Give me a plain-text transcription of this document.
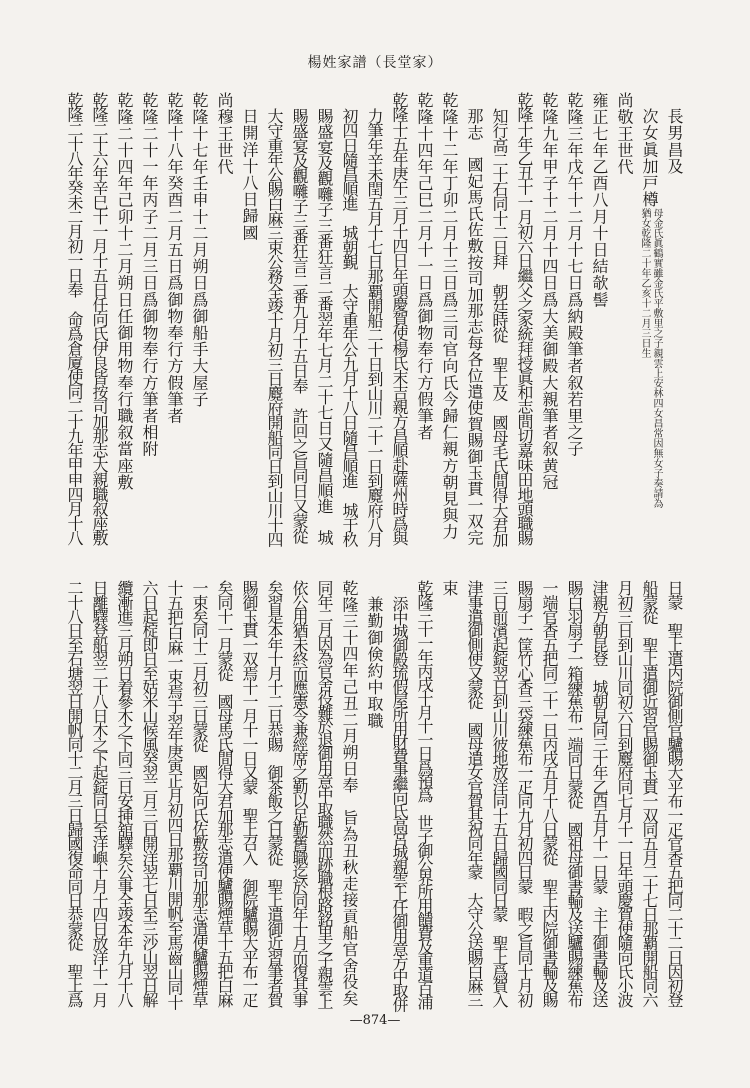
楊姓家譜（長堂家）
長男昌及
次女眞加戸樽母金氏眞鶴實雖金氏平敷里之子親雲上安林四女昌常因無女子奏請為猶女乾隆二十年乙亥十二月三日生
尚敬王世代
雍正七年乙酉八月十日結欹髻
乾隆三年戊午十二月十七日爲納殿筆者叙若里之子
乾隆九年甲子十二月十四日爲大美御殿大親筆者叙黄冠
乾隆十年乙丑十一月初六日繼父之家統拜授眞和志間切嘉味田地頭職賜
知行高二十石同十二日拜　朝廷時從　聖上及　國母毛氏間得大君加
那志　國妃馬氏佐敷按司加那志每各位遣使賀賜御玉貫一双完
乾隆十二年丁卯二月十三日爲三司官向氏今歸仁親方朝見與力
乾隆十四年己巳二月十一日爲御物奉行方假筆者
乾隆十五年庚午三月十四日年頭慶賀使楊氏末吉親方昌順赴薩州時爲與
力筆年辛未閏五月十七日那覇開船二十日到山川二十一日到麑府八月
初四日隨昌順進　城朝覲　大守重年公九月十八日隨昌順進　城于杦
賜盛宴及觀囃子三番狂言二番翌年七月二十七日又隨昌順進　城
賜盛宴及觀囃子三番狂言二番九月十五日奉　許回之旨同日又蒙從
大守重年公賜白麻三束公務全竣十月初三日麑府開船同日到山川十四
日開洋十八日歸國
尚穆王世代
乾隆十七年壬申十二月朔日爲御船手大屋子
乾隆十八年癸酉二月五日爲御物奉行方假筆者
乾隆二十一年丙子二月三日爲御物奉行方筆者相附
乾隆二十四年己卯十二月朔日任御用物奉行職叙當座敷
乾隆二十六年辛巳十一月十五日任向氏伊良皆按司加那志大親職叙座敷
乾隆二十八年癸未二月初一日奉　命爲倉廈使同二十九年甲申四月十八
日蒙　聖上遣内院御側官驢賜大平布一疋官香五把同二十二日因初登
船蒙從　聖上遣御近習官賜御玉貫一双同五月二十七日那覇開船同六
月初三日到山川同初六日到麑府同七月十一日年頭慶賀使隨向氏小波
津親方朝昆登　城朝見同三十年乙酉五月十一日蒙　主上御書輸及送
賜白羽扇子一箱練蕉布一端同日蒙從　國祖母御書輸及送驢賜練蕉布
一端官香五把同二十一日丙戌五月十八日蒙從　聖上内院御書輸及賜
賜扇子一筐竹心香三袋練蕉布一疋同九月初四日蒙　暇之旨同十月初
三日前濱起錠翌日到山川彼地放洋同十五日歸國同日蒙　聖上爲賀入
津事遣御側使又蒙從　國母遣女官賀其祝同年蒙　大守公送賜白麻三
束
乾隆三十一年丙戌十月十一日爲預爲　世子御公界所用饋費及重道百浦
添中城御殿琉假屋所用財費事繼向氏高宮城親雲上任御用意方中取併
兼勤御倹約中取職
乾隆三十四年己丑二月朔日奉　旨為丑秋走接貢船官舍役矣
同年二月因為官舍役難於退御用意中取職然而跡職根路銘里之子親雲上
依公用猶未終而應憲令兼經席之勤以足勤舊職迄於同年十月而復其事
矣習是本年十月十二日恭賜　御茶飯之日蒙從　聖上遣御近習筆者賀
賜御玉貫一双焉十一月十一日又蒙　聖上召入　御院驢賜大平布一疋
矣同十一月蒙從　國母馬氏間得大君加那志遣使驢賜煙草十五把白麻
一束矣同十二月初三日蒙從　國妃向氏佐敷按司加那志遣使驢賜煙草
十五把白麻一束焉于翌年庚寅正月初四日那覇川開帆至馬齒山同十
六日起椗即日至姑米山候風癸翌二月三日開洋翌七日至三沙山翌日解
纜漸進三月朔日着參木之下同三日安挿舘驛矣公事全竣本年九月十八
日離驛登船翌二十八日木之下起錠同日至洋嶼十月十四日放洋十一月
二十八日至石塘翌日開帆同十二月三日歸國復命同日恭蒙從　聖上爲
—874—
